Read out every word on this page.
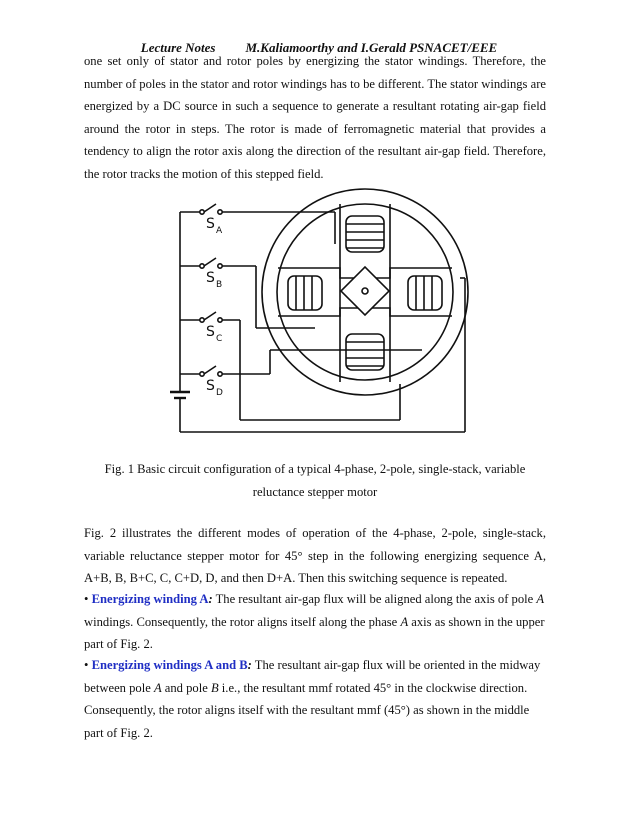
Lecture Notes M.Kaliamoorthy and I.Gerald PSNACET/EEE

one set only of stator and rotor poles by energizing the stator windings. Therefore, the number of poles in the stator and rotor windings has to be different. The stator windings are energized by a DC source in such a sequence to generate a resultant rotating air-gap field around the rotor in steps. The rotor is made of ferromagnetic material that provides a tendency to align the rotor axis along the direction of the resultant air-gap field. Therefore, the rotor tracks the motion of this stepped field.

S A
S B
S C
S D
Fig. 1 Basic circuit configuration of a typical 4-phase, 2-pole, single-stack, variable
reluctance stepper motor

Fig. 2 illustrates the different modes of operation of the 4-phase, 2-pole, single-stack, variable reluctance stepper motor for 45° step in the following energizing sequence A, A+B, B, B+C, C, C+D, D, and then D+A. Then this switching sequence is repeated.

• Energizing winding A: The resultant air-gap flux will be aligned along the axis of pole A windings. Consequently, the rotor aligns itself along the phase A axis as shown in the upper part of Fig. 2.

• Energizing windings A and B: The resultant air-gap flux will be oriented in the midway between pole A and pole B i.e., the resultant mmf rotated 45° in the clockwise direction. Consequently, the rotor aligns itself with the resultant mmf (45°) as shown in the middle part of Fig. 2.
